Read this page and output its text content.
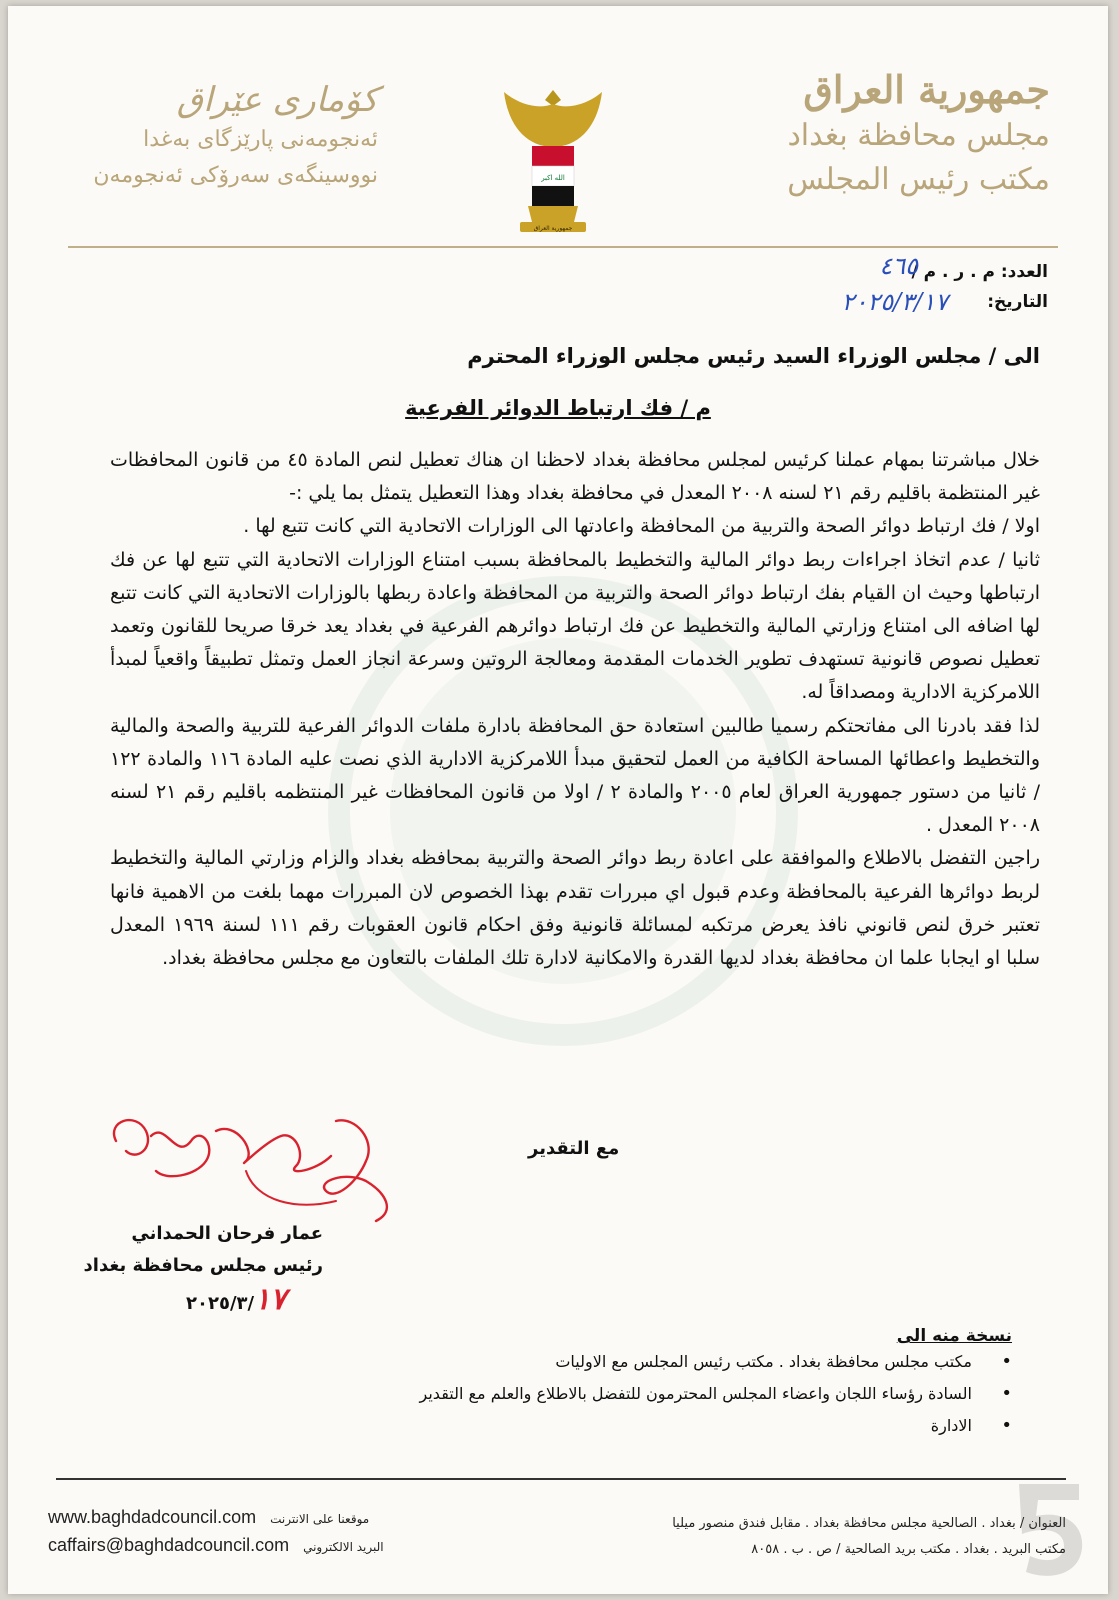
جمهورية العراق
مجلس محافظة بغداد
مكتب رئيس المجلس
الله اكبر
جمهورية العراق
كۆماری عێراق
ئەنجومەنی پارێزگای بەغدا
نووسینگەی سەرۆکی ئەنجومەن
العدد: م . ر . م /
٤٦٥
التاريخ:
٢٠٢٥/٣/١٧
الى / مجلس الوزراء السيد رئيس مجلس الوزراء المحترم
م / فك ارتباط الدوائر الفرعية

خلال مباشرتنا بمهام عملنا كرئيس لمجلس محافظة بغداد لاحظنا ان هناك تعطيل لنص المادة ٤٥ من قانون المحافظات غير المنتظمة باقليم رقم ٢١ لسنه ٢٠٠٨ المعدل في محافظة بغداد وهذا التعطيل يتمثل بما يلي :-

اولا / فك ارتباط دوائر الصحة والتربية من المحافظة واعادتها الى الوزارات الاتحادية التي كانت تتبع لها .

ثانيا / عدم اتخاذ اجراءات ربط دوائر المالية والتخطيط بالمحافظة بسبب امتناع الوزارات الاتحادية التي تتبع لها عن فك ارتباطها وحيث ان القيام بفك ارتباط دوائر الصحة والتربية من المحافظة واعادة ربطها بالوزارات الاتحادية التي كانت تتبع لها اضافه الى امتناع وزارتي المالية والتخطيط عن فك ارتباط دوائرهم الفرعية في بغداد يعد خرقا صريحا للقانون وتعمد تعطيل نصوص قانونية تستهدف تطوير الخدمات المقدمة ومعالجة الروتين وسرعة انجاز العمل وتمثل تطبيقاً واقعياً لمبدأ اللامركزية الادارية ومصداقاً له.

لذا فقد بادرنا الى مفاتحتكم رسميا طالبين استعادة حق المحافظة بادارة ملفات الدوائر الفرعية للتربية والصحة والمالية والتخطيط واعطائها المساحة الكافية من العمل لتحقيق مبدأ اللامركزية الادارية الذي نصت عليه المادة ١١٦ والمادة ١٢٢ / ثانيا من دستور جمهورية العراق لعام ٢٠٠٥ والمادة ٢ / اولا من قانون المحافظات غير المنتظمه باقليم رقم ٢١ لسنه ٢٠٠٨ المعدل .

راجين التفضل بالاطلاع والموافقة على اعادة ربط دوائر الصحة والتربية بمحافظه بغداد والزام وزارتي المالية والتخطيط لربط دوائرها الفرعية بالمحافظة وعدم قبول اي مبررات تقدم بهذا الخصوص لان المبررات مهما بلغت من الاهمية فانها تعتبر خرق لنص قانوني نافذ يعرض مرتكبه لمسائلة قانونية وفق احكام قانون العقوبات رقم ١١١ لسنة ١٩٦٩ المعدل سلبا او ايجابا علما ان محافظة بغداد لديها القدرة والامكانية لادارة تلك الملفات بالتعاون مع مجلس محافظة بغداد.

مع التقدير
عمار فرحان الحمداني
رئيس مجلس محافظة بغداد
٢٠٢٥/٣/١٧
نسخة منه الى
•
مكتب مجلس محافظة بغداد . مكتب رئيس المجلس مع الاوليات
•
السادة رؤساء اللجان واعضاء المجلس المحترمون للتفضل بالاطلاع والعلم مع التقدير
•
الادارة
العنوان / بغداد . الصالحية مجلس محافظة بغداد . مقابل فندق منصور ميليا
مكتب البريد . بغداد . مكتب بريد الصالحية / ص . ب . ٨٠٥٨
www.baghdadcouncil.com موقعنا على الانترنت
caffairs@baghdadcouncil.com البريد الالكتروني
